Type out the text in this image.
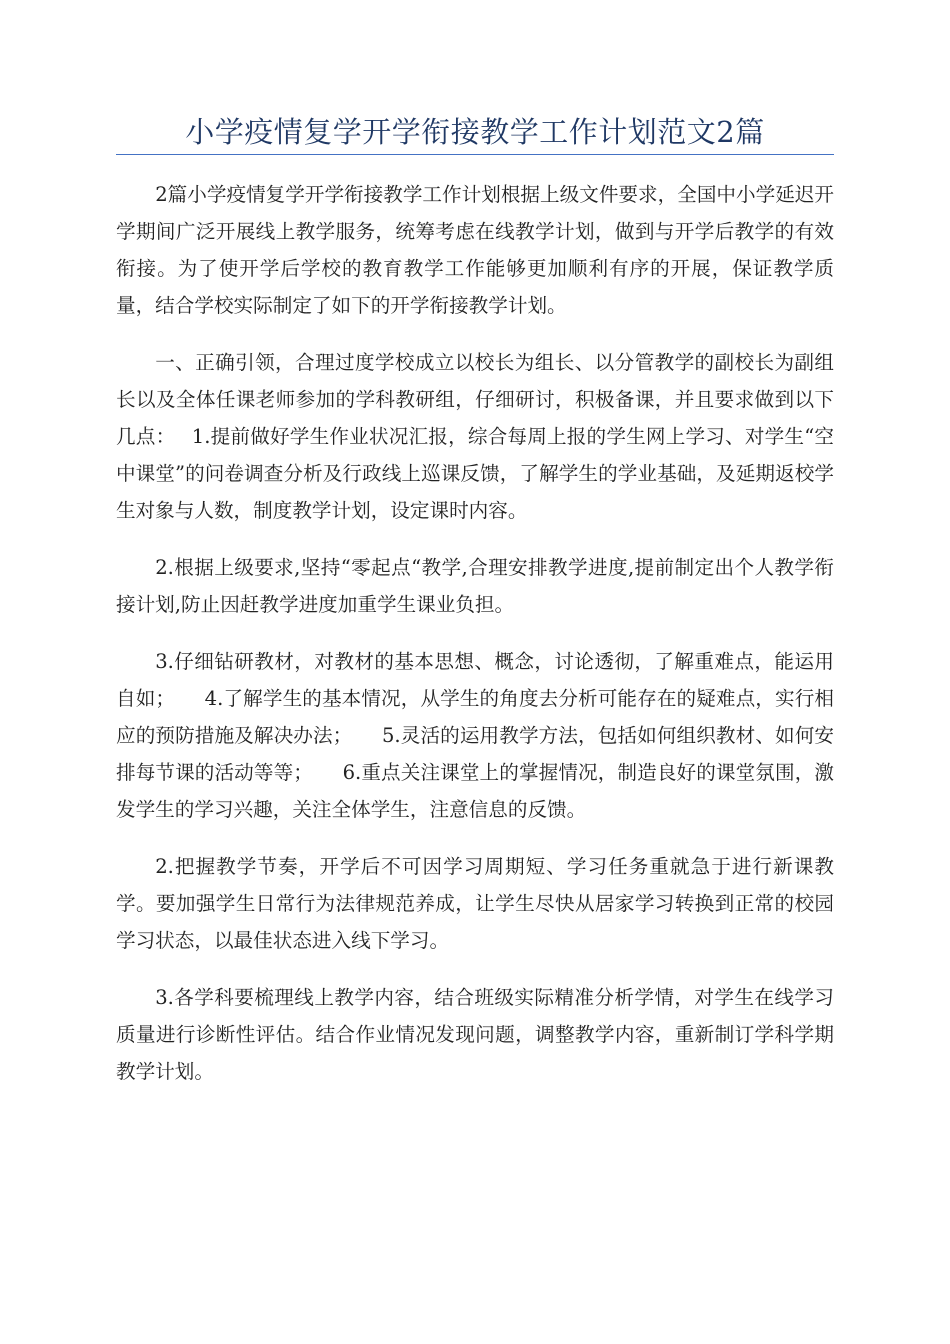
小学疫情复学开学衔接教学工作计划范文2篇

2篇小学疫情复学开学衔接教学工作计划根据上级文件要求，全国中小学延迟开学期间广泛开展线上教学服务，统筹考虑在线教学计划，做到与开学后教学的有效衔接。为了使开学后学校的教育教学工作能够更加顺利有序的开展，保证教学质量，结合学校实际制定了如下的开学衔接教学计划。

一、正确引领，合理过度学校成立以校长为组长、以分管教学的副校长为副组长以及全体任课老师参加的学科教研组，仔细研讨，积极备课，并且要求做到以下几点：　 1.提前做好学生作业状况汇报，综合每周上报的学生网上学习、对学生“空中课堂”的问卷调查分析及行政线上巡课反馈，了解学生的学业基础，及延期返校学生对象与人数，制度教学计划，设定课时内容。

2.根据上级要求,坚持“零起点“教学,合理安排教学进度,提前制定出个人教学衔接计划,防止因赶教学进度加重学生课业负担。

3.仔细钻研教材，对教材的基本思想、概念，讨论透彻，了解重难点，能运用自如；　　4.了解学生的基本情况，从学生的角度去分析可能存在的疑难点，实行相应的预防措施及解决办法；　　5.灵活的运用教学方法，包括如何组织教材、如何安排每节课的活动等等；　　6.重点关注课堂上的掌握情况，制造良好的课堂氛围，激发学生的学习兴趣，关注全体学生，注意信息的反馈。

2.把握教学节奏，开学后不可因学习周期短、学习任务重就急于进行新课教学。要加强学生日常行为法律规范养成，让学生尽快从居家学习转换到正常的校园学习状态，以最佳状态进入线下学习。

3.各学科要梳理线上教学内容，结合班级实际精准分析学情，对学生在线学习质量进行诊断性评估。结合作业情况发现问题，调整教学内容，重新制订学科学期教学计划。
